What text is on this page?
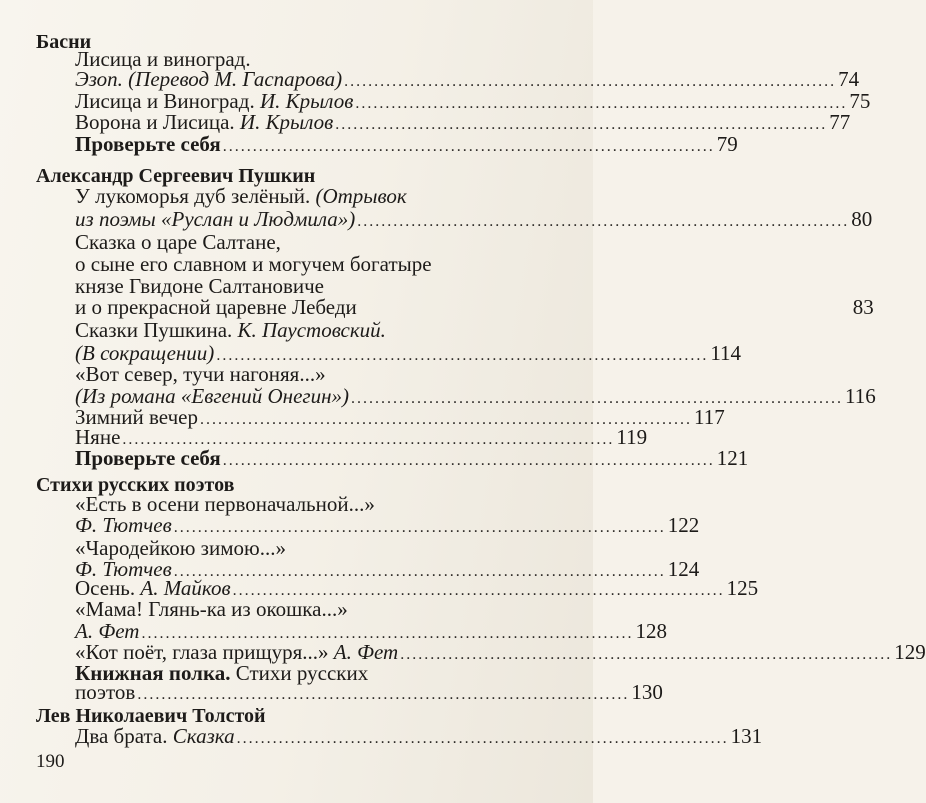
Басни
Лисица и виноград.
Эзоп. (Перевод М. Гаспарова) .................................................................................. 74
Лисица и Виноград. И. Крылов .................................................................................. 75
Ворона и Лисица. И. Крылов .................................................................................. 77
Проверьте себя .................................................................................. 79
Александр Сергеевич Пушкин
У лукоморья дуб зелёный. (Отрывок
из поэмы «Руслан и Людмила») .................................................................................. 80
Сказка о царе Салтане,
о сыне его славном и могучем богатыре
князе Гвидоне Салтановиче
и о прекрасной царевне Лебеди	83
Сказки Пушкина. К. Паустовский.
(В сокращении) .................................................................................. 114
«Вот север, тучи нагоняя...»
(Из романа «Евгений Онегин») .................................................................................. 116
Зимний вечер .................................................................................. 117
Няне .................................................................................. 119
Проверьте себя .................................................................................. 121
Стихи русских поэтов
«Есть в осени первоначальной...»
Ф. Тютчев .................................................................................. 122
«Чародейкою зимою...»
Ф. Тютчев .................................................................................. 124
Осень. А. Майков .................................................................................. 125
«Мама! Глянь-ка из окошка...»
А. Фет .................................................................................. 128
«Кот поёт, глаза прищуря...» А. Фет .................................................................................. 129
Книжная полка. Стихи русских
поэтов .................................................................................. 130
Лев Николаевич Толстой
Два брата. Сказка .................................................................................. 131
190
